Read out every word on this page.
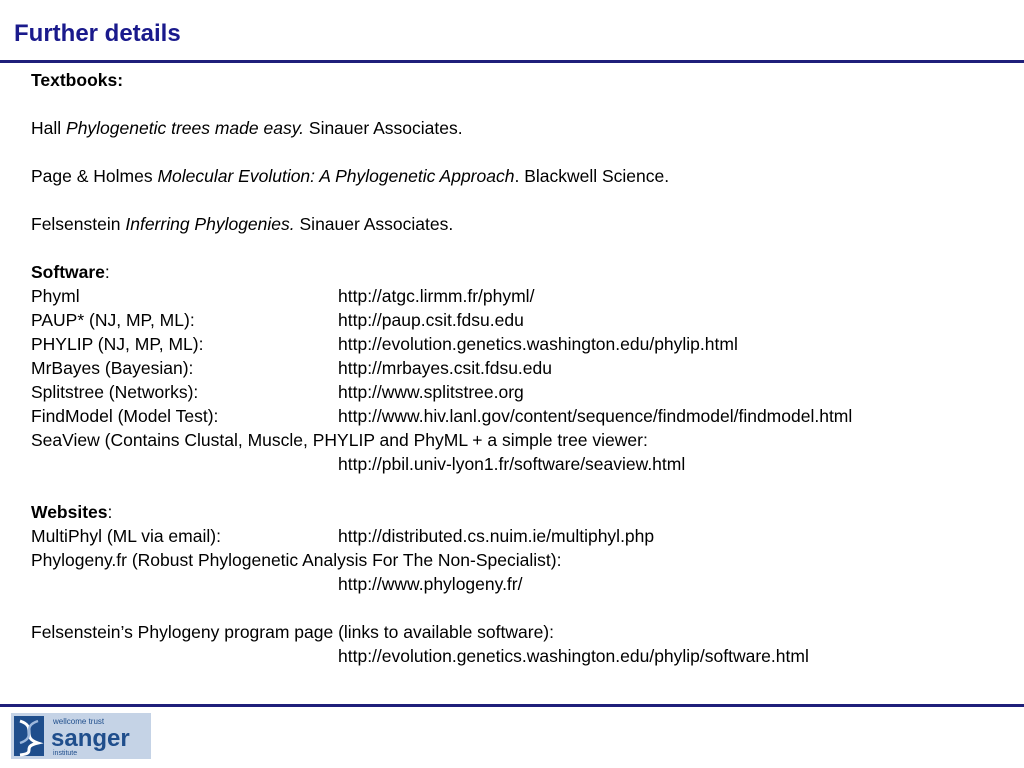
Further details
Textbooks:
Hall Phylogenetic trees made easy. Sinauer Associates.
Page & Holmes Molecular Evolution: A Phylogenetic Approach. Blackwell Science.
Felsenstein Inferring Phylogenies. Sinauer Associates.
Software:
Phyml	http://atgc.lirmm.fr/phyml/
PAUP* (NJ, MP, ML):	http://paup.csit.fdsu.edu
PHYLIP (NJ, MP, ML):	http://evolution.genetics.washington.edu/phylip.html
MrBayes (Bayesian):	http://mrbayes.csit.fdsu.edu
Splitstree (Networks):	http://www.splitstree.org
FindModel (Model Test):	http://www.hiv.lanl.gov/content/sequence/findmodel/findmodel.html
SeaView (Contains Clustal, Muscle, PHYLIP and PhyML + a simple tree viewer:
http://pbil.univ-lyon1.fr/software/seaview.html
Websites:
MultiPhyl (ML via email):	http://distributed.cs.nuim.ie/multiphyl.php
Phylogeny.fr (Robust Phylogenetic Analysis For The Non-Specialist):
http://www.phylogeny.fr/
Felsenstein’s Phylogeny program page (links to available software):
http://evolution.genetics.washington.edu/phylip/software.html
wellcome trust
sanger
institute
